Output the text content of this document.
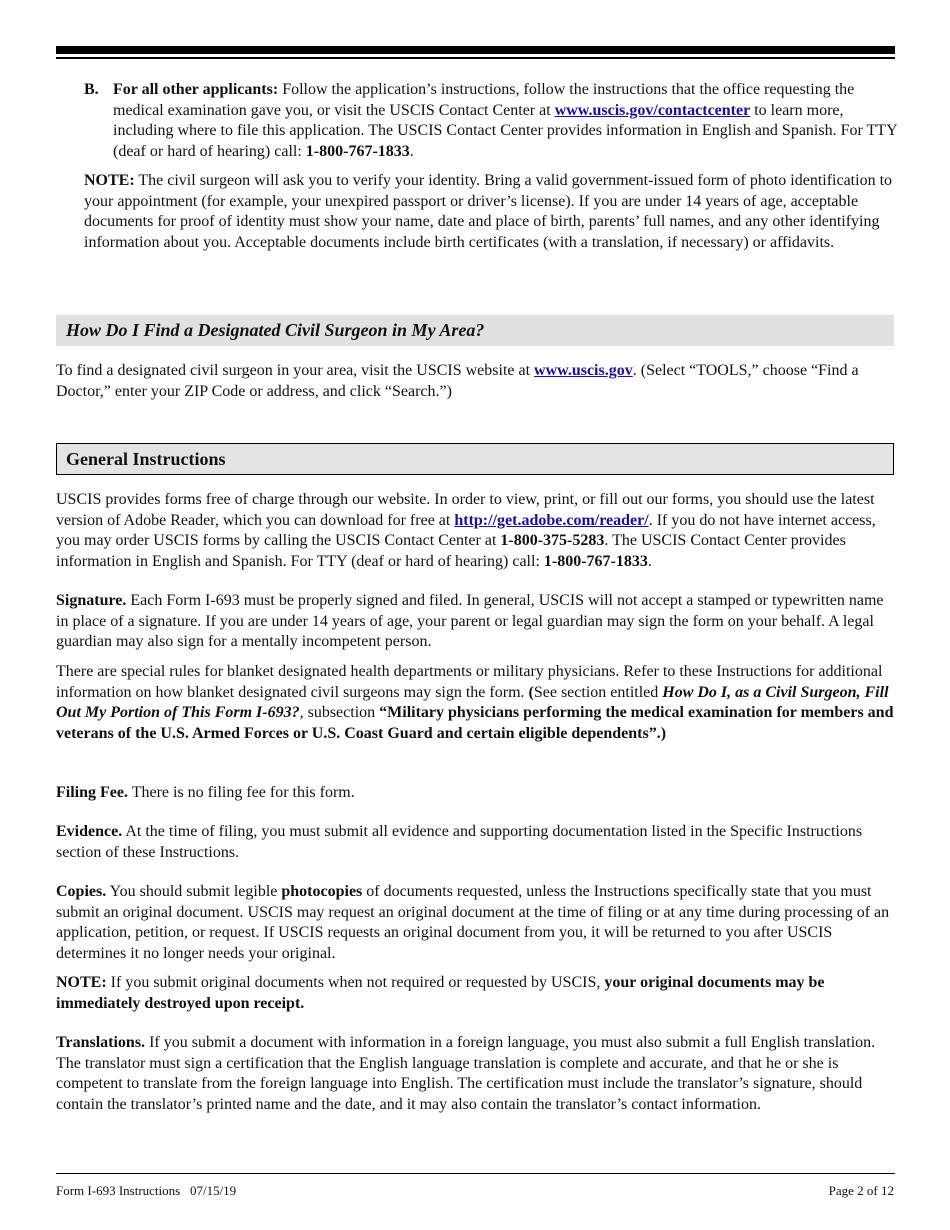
B. For all other applicants: Follow the application’s instructions, follow the instructions that the office requesting the medical examination gave you, or visit the USCIS Contact Center at www.uscis.gov/contactcenter to learn more, including where to file this application. The USCIS Contact Center provides information in English and Spanish. For TTY (deaf or hard of hearing) call: 1-800-767-1833.

NOTE: The civil surgeon will ask you to verify your identity. Bring a valid government-issued form of photo identification to your appointment (for example, your unexpired passport or driver’s license). If you are under 14 years of age, acceptable documents for proof of identity must show your name, date and place of birth, parents’ full names, and any other identifying information about you. Acceptable documents include birth certificates (with a translation, if necessary) or affidavits.

How Do I Find a Designated Civil Surgeon in My Area?

To find a designated civil surgeon in your area, visit the USCIS website at www.uscis.gov. (Select “TOOLS,” choose “Find a Doctor,” enter your ZIP Code or address, and click “Search.”)

General Instructions

USCIS provides forms free of charge through our website. In order to view, print, or fill out our forms, you should use the latest version of Adobe Reader, which you can download for free at http://get.adobe.com/reader/. If you do not have internet access, you may order USCIS forms by calling the USCIS Contact Center at 1-800-375-5283. The USCIS Contact Center provides information in English and Spanish. For TTY (deaf or hard of hearing) call: 1-800-767-1833.

Signature. Each Form I-693 must be properly signed and filed. In general, USCIS will not accept a stamped or typewritten name in place of a signature. If you are under 14 years of age, your parent or legal guardian may sign the form on your behalf. A legal guardian may also sign for a mentally incompetent person.

There are special rules for blanket designated health departments or military physicians. Refer to these Instructions for additional information on how blanket designated civil surgeons may sign the form. (See section entitled How Do I, as a Civil Surgeon, Fill Out My Portion of This Form I-693?, subsection “Military physicians performing the medical examination for members and veterans of the U.S. Armed Forces or U.S. Coast Guard and certain eligible dependents”.)

Filing Fee. There is no filing fee for this form.

Evidence. At the time of filing, you must submit all evidence and supporting documentation listed in the Specific Instructions section of these Instructions.

Copies. You should submit legible photocopies of documents requested, unless the Instructions specifically state that you must submit an original document. USCIS may request an original document at the time of filing or at any time during processing of an application, petition, or request. If USCIS requests an original document from you, it will be returned to you after USCIS determines it no longer needs your original.

NOTE: If you submit original documents when not required or requested by USCIS, your original documents may be immediately destroyed upon receipt.

Translations. If you submit a document with information in a foreign language, you must also submit a full English translation. The translator must sign a certification that the English language translation is complete and accurate, and that he or she is competent to translate from the foreign language into English. The certification must include the translator’s signature, should contain the translator’s printed name and the date, and it may also contain the translator’s contact information.

Form I-693 Instructions   07/15/19	Page 2 of 12
